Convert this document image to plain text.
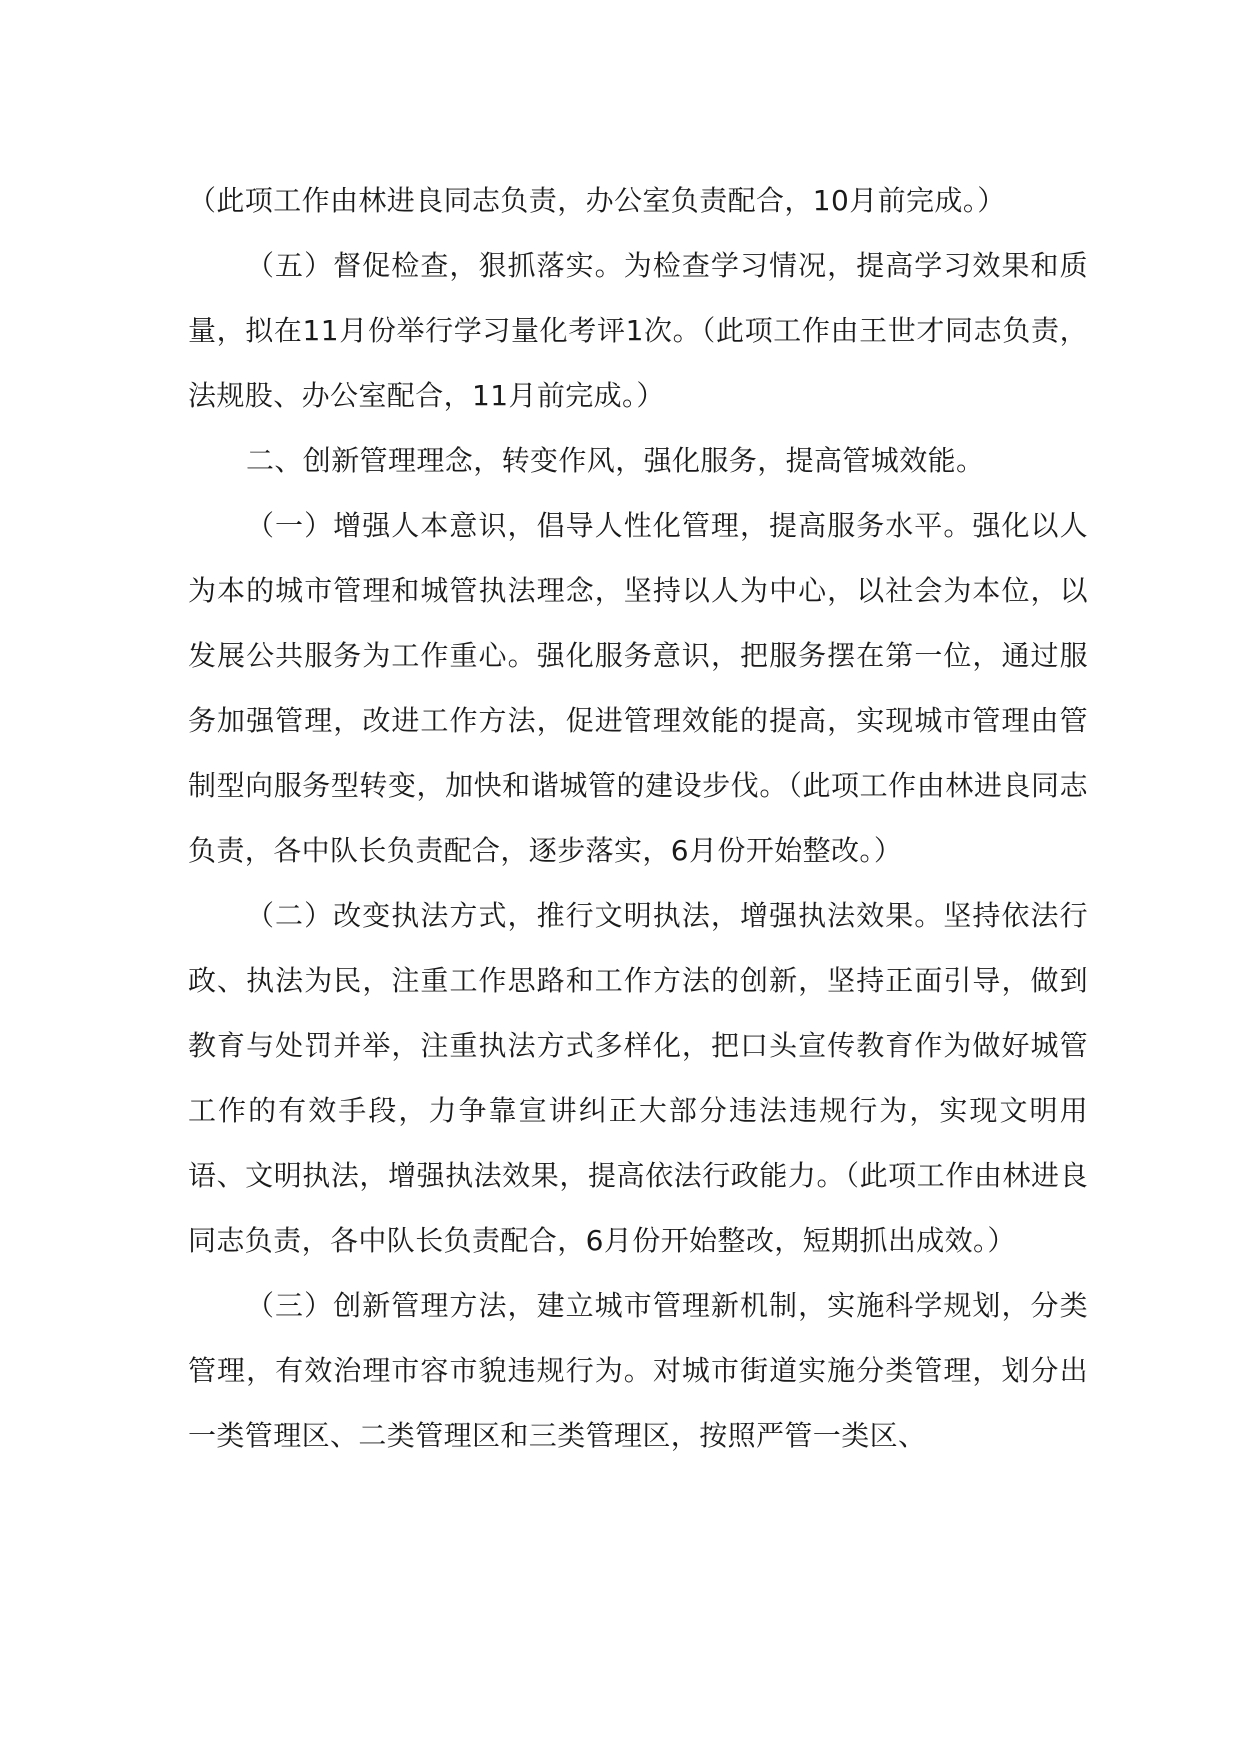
（此项工作由林进良同志负责，办公室负责配合，10月前完成。）

（五）督促检查，狠抓落实。为检查学习情况，提高学习效果和质量，拟在11月份举行学习量化考评1次。（此项工作由王世才同志负责，法规股、办公室配合，11月前完成。）

二、创新管理理念，转变作风，强化服务，提高管城效能。

（一）增强人本意识，倡导人性化管理，提高服务水平。强化以人为本的城市管理和城管执法理念，坚持以人为中心，以社会为本位，以发展公共服务为工作重心。强化服务意识，把服务摆在第一位，通过服务加强管理，改进工作方法，促进管理效能的提高，实现城市管理由管制型向服务型转变，加快和谐城管的建设步伐。（此项工作由林进良同志负责，各中队长负责配合，逐步落实，6月份开始整改。）

（二）改变执法方式，推行文明执法，增强执法效果。坚持依法行政、执法为民，注重工作思路和工作方法的创新，坚持正面引导，做到教育与处罚并举，注重执法方式多样化，把口头宣传教育作为做好城管工作的有效手段，力争靠宣讲纠正大部分违法违规行为，实现文明用语、文明执法，增强执法效果，提高依法行政能力。（此项工作由林进良同志负责，各中队长负责配合，6月份开始整改，短期抓出成效。）

（三）创新管理方法，建立城市管理新机制，实施科学规划，分类管理，有效治理市容市貌违规行为。对城市街道实施分类管理，划分出一类管理区、二类管理区和三类管理区，按照严管一类区、
